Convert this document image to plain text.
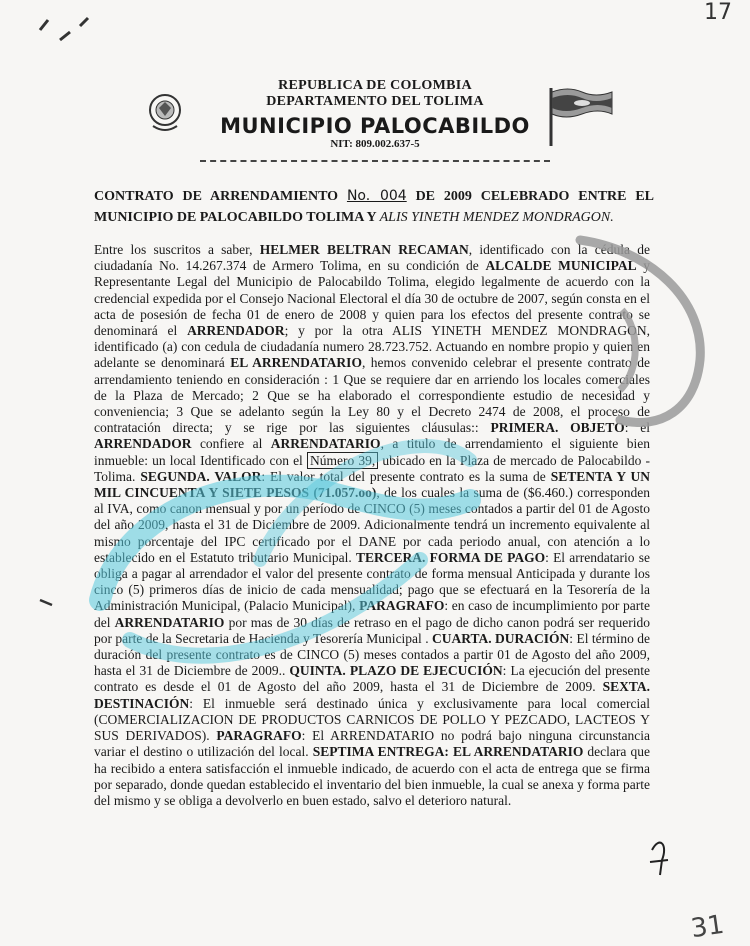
17
REPUBLICA DE COLOMBIA
DEPARTAMENTO DEL TOLIMA
MUNICIPIO PALOCABILDO
NIT: 809.002.637-5
CONTRATO DE ARRENDAMIENTO No. 004 DE 2009 CELEBRADO ENTRE EL MUNICIPIO DE PALOCABILDO TOLIMA Y ALIS YINETH MENDEZ MONDRAGON.
Entre los suscritos a saber, HELMER BELTRAN RECAMAN, identificado con la cédula de ciudadanía No. 14.267.374 de Armero Tolima, en su condición de ALCALDE MUNICIPAL y Representante Legal del Municipio de Palocabildo Tolima, elegido legalmente de acuerdo con la credencial expedida por el Consejo Nacional Electoral el día 30 de octubre de 2007, según consta en el acta de posesión de fecha 01 de enero de 2008 y quien para los efectos del presente contrato se denominará el ARRENDADOR; y por la otra ALIS YINETH MENDEZ MONDRAGON, identificado (a) con cedula de ciudadanía numero 28.723.752. Actuando en nombre propio y quien en adelante se denominará EL ARRENDATARIO, hemos convenido celebrar el presente contrato de arrendamiento teniendo en consideración : 1 Que se requiere dar en arriendo los locales comerciales de la Plaza de Mercado; 2 Que se ha elaborado el correspondiente estudio de necesidad y conveniencia; 3 Que se adelanto según la Ley 80 y el Decreto 2474 de 2008, el proceso de contratación directa; y se rige por las siguientes cláusulas:: PRIMERA. OBJETO: el ARRENDADOR confiere al ARRENDATARIO, a titulo de arrendamiento el siguiente bien inmueble: un local Identificado con el Número 39, ubicado en la Plaza de mercado de Palocabildo - Tolima. SEGUNDA. VALOR: El valor total del presente contrato es la suma de SETENTA Y UN MIL CINCUENTA Y SIETE PESOS (71.057.oo), de los cuales la suma de ($6.460.) corresponden al IVA, como canon mensual y por un período de CINCO (5) meses contados a partir del 01 de Agosto del año 2009, hasta el 31 de Diciembre de 2009. Adicionalmente tendrá un incremento equivalente al mismo porcentaje del IPC certificado por el DANE por cada periodo anual, con atención a lo establecido en el Estatuto tributario Municipal. TERCERA. FORMA DE PAGO: El arrendatario se obliga a pagar al arrendador el valor del presente contrato de forma mensual Anticipada y durante los cinco (5) primeros días de inicio de cada mensualidad; pago que se efectuará en la Tesorería de la Administración Municipal, (Palacio Municipal), PARAGRAFO: en caso de incumplimiento por parte del ARRENDATARIO por mas de 30 días de retraso en el pago de dicho canon podrá ser requerido por parte de la Secretaria de Hacienda y Tesorería Municipal . CUARTA. DURACIÓN: El término de duración del presente contrato es de CINCO (5) meses contados a partir 01 de Agosto del año 2009, hasta el 31 de Diciembre de 2009.. QUINTA. PLAZO DE EJECUCIÓN: La ejecución del presente contrato es desde el 01 de Agosto del año 2009, hasta el 31 de Diciembre de 2009. SEXTA. DESTINACIÓN: El inmueble será destinado única y exclusivamente para local comercial (COMERCIALIZACION DE PRODUCTOS CARNICOS DE POLLO Y PEZCADO, LACTEOS Y SUS DERIVADOS). PARAGRAFO: El ARRENDATARIO no podrá bajo ninguna circunstancia variar el destino o utilización del local. SEPTIMA ENTREGA: EL ARRENDATARIO declara que ha recibido a entera satisfacción el inmueble indicado, de acuerdo con el acta de entrega que se firma por separado, donde quedan establecido el inventario del bien inmueble, la cual se anexa y forma parte del mismo y se obliga a devolverlo en buen estado, salvo el deterioro natural.
31
